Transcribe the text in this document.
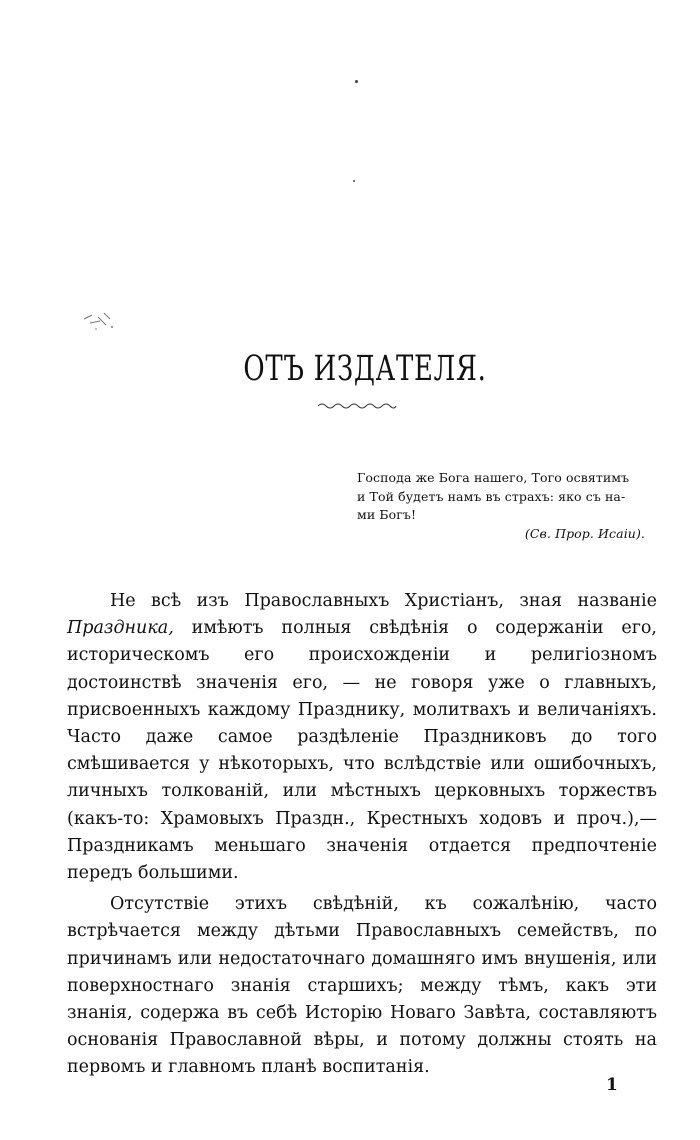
ОТЪ ИЗДАТЕЛЯ.
Господа же Бога нашего, Того освятимъ
и Той будетъ намъ въ страхъ: яко съ на-
ми Богъ!
(Св. Прор. Исаіи).

Не всѣ изъ Православныхъ Христіанъ, зная названіе Праздника, имѣютъ полныя свѣдѣнія о содержаніи его, историческомъ его происхожденіи и религіозномъ достоинствѣ значенія его, — не говоря уже о главныхъ, присвоенныхъ каждому Празднику, молитвахъ и величаніяхъ. Часто даже самое раздѣленіе Праздниковъ до того смѣшивается у нѣкоторыхъ, что вслѣдствіе или ошибочныхъ, личныхъ толкованій, или мѣстныхъ церковныхъ торжествъ (какъ-то: Храмовыхъ Праздн., Крестныхъ ходовъ и проч.),— Праздникамъ меньшаго значенія отдается предпочтеніе передъ большими.

Отсутствіе этихъ свѣдѣній, къ сожалѣнію, часто встрѣчается между дѣтьми Православныхъ семействъ, по причинамъ или недостаточнаго домашняго имъ внушенія, или поверхностнаго знанія старшихъ; между тѣмъ, какъ эти знанія, содержа въ себѣ Исторію Новаго Завѣта, составляютъ основанія Православной вѣры, и потому должны стоять на первомъ и главномъ планѣ воспитанія.

1
